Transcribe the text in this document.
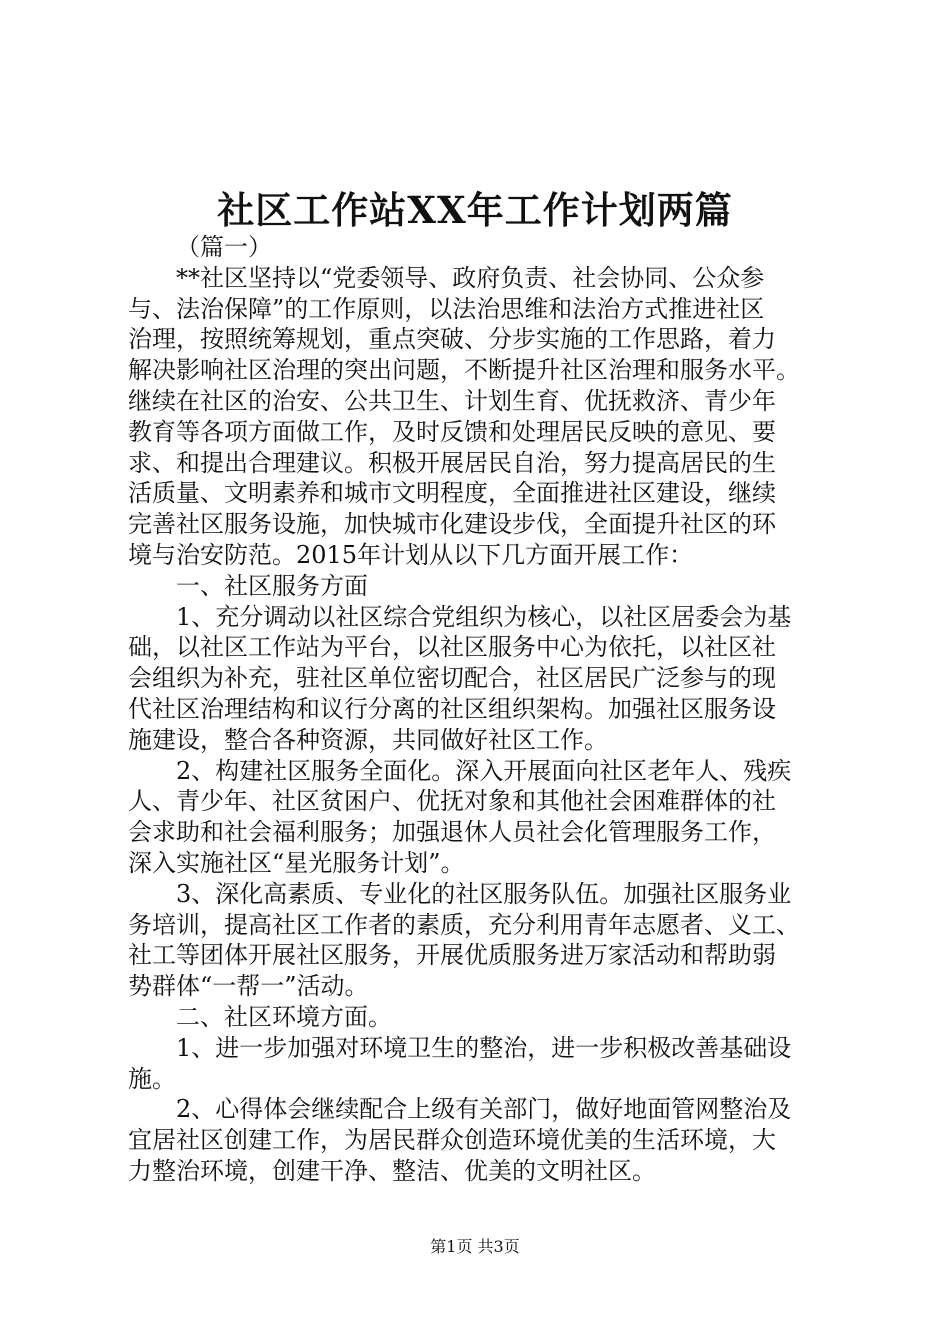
社区工作站XX年工作计划两篇

（篇一）

**社区坚持以“党委领导、政府负责、社会协同、公众参

与、法治保障”的工作原则，以法治思维和法治方式推进社区

治理，按照统筹规划，重点突破、分步实施的工作思路，着力

解决影响社区治理的突出问题，不断提升社区治理和服务水平。

继续在社区的治安、公共卫生、计划生育、优抚救济、青少年

教育等各项方面做工作，及时反馈和处理居民反映的意见、要

求、和提出合理建议。积极开展居民自治，努力提高居民的生

活质量、文明素养和城市文明程度，全面推进社区建设，继续

完善社区服务设施，加快城市化建设步伐，全面提升社区的环

境与治安防范。2015年计划从以下几方面开展工作：

一、社区服务方面

1、充分调动以社区综合党组织为核心，以社区居委会为基

础，以社区工作站为平台，以社区服务中心为依托，以社区社

会组织为补充，驻社区单位密切配合，社区居民广泛参与的现

代社区治理结构和议行分离的社区组织架构。加强社区服务设

施建设，整合各种资源，共同做好社区工作。

2、构建社区服务全面化。深入开展面向社区老年人、残疾

人、青少年、社区贫困户、优抚对象和其他社会困难群体的社

会求助和社会福利服务；加强退休人员社会化管理服务工作，

深入实施社区“星光服务计划”。

3、深化高素质、专业化的社区服务队伍。加强社区服务业

务培训，提高社区工作者的素质，充分利用青年志愿者、义工、

社工等团体开展社区服务，开展优质服务进万家活动和帮助弱

势群体“一帮一”活动。

二、社区环境方面。

1、进一步加强对环境卫生的整治，进一步积极改善基础设

施。

2、心得体会继续配合上级有关部门，做好地面管网整治及

宜居社区创建工作，为居民群众创造环境优美的生活环境，大

力整治环境，创建干净、整洁、优美的文明社区。

第1页 共3页
